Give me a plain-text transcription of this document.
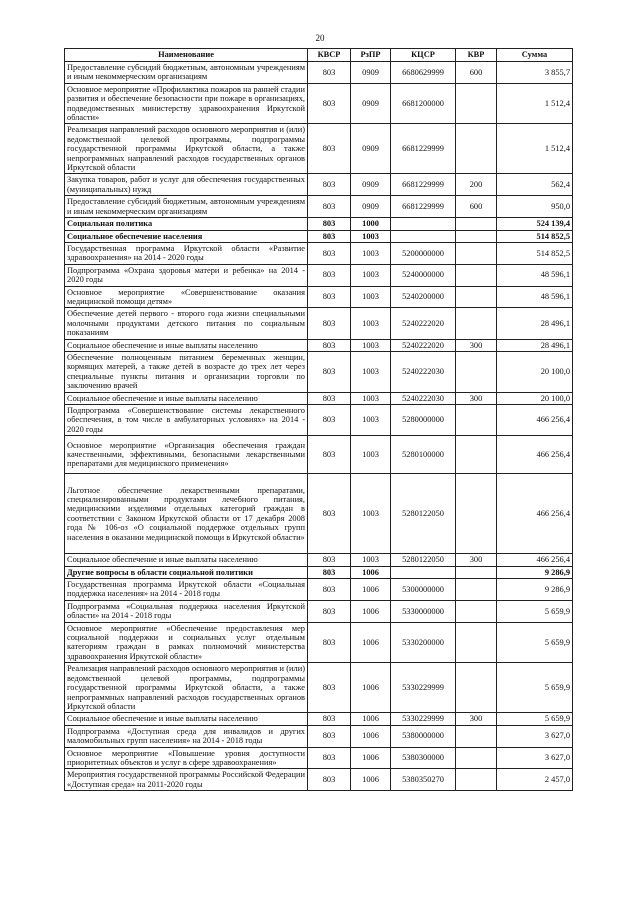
20
Наименование	КВСР	РзПР	КЦСР	КВР	Сумма
Предоставление субсидий бюджетным, автономным учреждениям и иным некоммерческим организациям	803	0909	6680629999	600	3 855,7
Основное мероприятие «Профилактика пожаров на ранней стадии развития и обеспечение безопасности при пожаре в организациях, подведомственных министерству здравоохранения Иркутской области»	803	0909	6681200000		1 512,4
Реализация направлений расходов основного мероприятия и (или) ведомственной целевой программы, подпрограммы государственной программы Иркутской области, а также непрограммных направлений расходов государственных органов Иркутской области	803	0909	6681229999		1 512,4
Закупка товаров, работ и услуг для обеспечения государственных (муниципальных) нужд	803	0909	6681229999	200	562,4
Предоставление субсидий бюджетным, автономным учреждениям и иным некоммерческим организациям	803	0909	6681229999	600	950,0
Социальная политика	803	1000			524 139,4
Социальное обеспечение населения	803	1003			514 852,5
Государственная программа Иркутской области «Развитие здравоохранения» на 2014 - 2020 годы	803	1003	5200000000		514 852,5
Подпрограмма «Охрана здоровья матери и ребенка» на 2014 - 2020 годы	803	1003	5240000000		48 596,1
Основное мероприятие «Совершенствование оказания медицинской помощи детям»	803	1003	5240200000		48 596,1
Обеспечение детей первого - второго года жизни специальными молочными продуктами детского питания по социальным показаниям	803	1003	5240222020		28 496,1
Социальное обеспечение и иные выплаты населению	803	1003	5240222020	300	28 496,1
Обеспечение полноценным питанием беременных женщин, кормящих матерей, а также детей в возрасте до трех лет через специальные пункты питания и организации торговли по заключению врачей	803	1003	5240222030		20 100,0
Социальное обеспечение и иные выплаты населению	803	1003	5240222030	300	20 100,0
Подпрограмма «Совершенствование системы лекарственного обеспечения, в том числе в амбулаторных условиях» на 2014 - 2020 годы	803	1003	5280000000		466 256,4
Основное мероприятие «Организация обеспечения граждан качественными, эффективными, безопасными лекарственными препаратами для медицинского применения»	803	1003	5280100000		466 256,4
Льготное обеспечение лекарственными препаратами, специализированными продуктами лечебного питания, медицинскими изделиями отдельных категорий граждан в соответствии с Законом Иркутской области от 17 декабря 2008 года № 106-оз «О социальной поддержке отдельных групп населения в оказании медицинской помощи в Иркутской области»	803	1003	5280122050		466 256,4
Социальное обеспечение и иные выплаты населению	803	1003	5280122050	300	466 256,4
Другие вопросы в области социальной политики	803	1006			9 286,9
Государственная программа Иркутской области «Социальная поддержка населения» на 2014 - 2018 годы	803	1006	5300000000		9 286,9
Подпрограмма «Социальная поддержка населения Иркутской области» на 2014 - 2018 годы	803	1006	5330000000		5 659,9
Основное мероприятие «Обеспечение предоставления мер социальной поддержки и социальных услуг отдельным категориям граждан в рамках полномочий министерства здравоохранения Иркутской области»	803	1006	5330200000		5 659,9
Реализация направлений расходов основного мероприятия и (или) ведомственной целевой программы, подпрограммы государственной программы Иркутской области, а также непрограммных направлений расходов государственных органов Иркутской области	803	1006	5330229999		5 659,9
Социальное обеспечение и иные выплаты населению	803	1006	5330229999	300	5 659,9
Подпрограмма «Доступная среда для инвалидов и других маломобильных групп населения» на 2014 - 2018 годы	803	1006	5380000000		3 627,0
Основное мероприятие «Повышение уровня доступности приоритетных объектов и услуг в сфере здравоохранения»	803	1006	5380300000		3 627,0
Мероприятия государственной программы Российской Федерации «Доступная среда» на 2011-2020 годы	803	1006	5380350270		2 457,0
